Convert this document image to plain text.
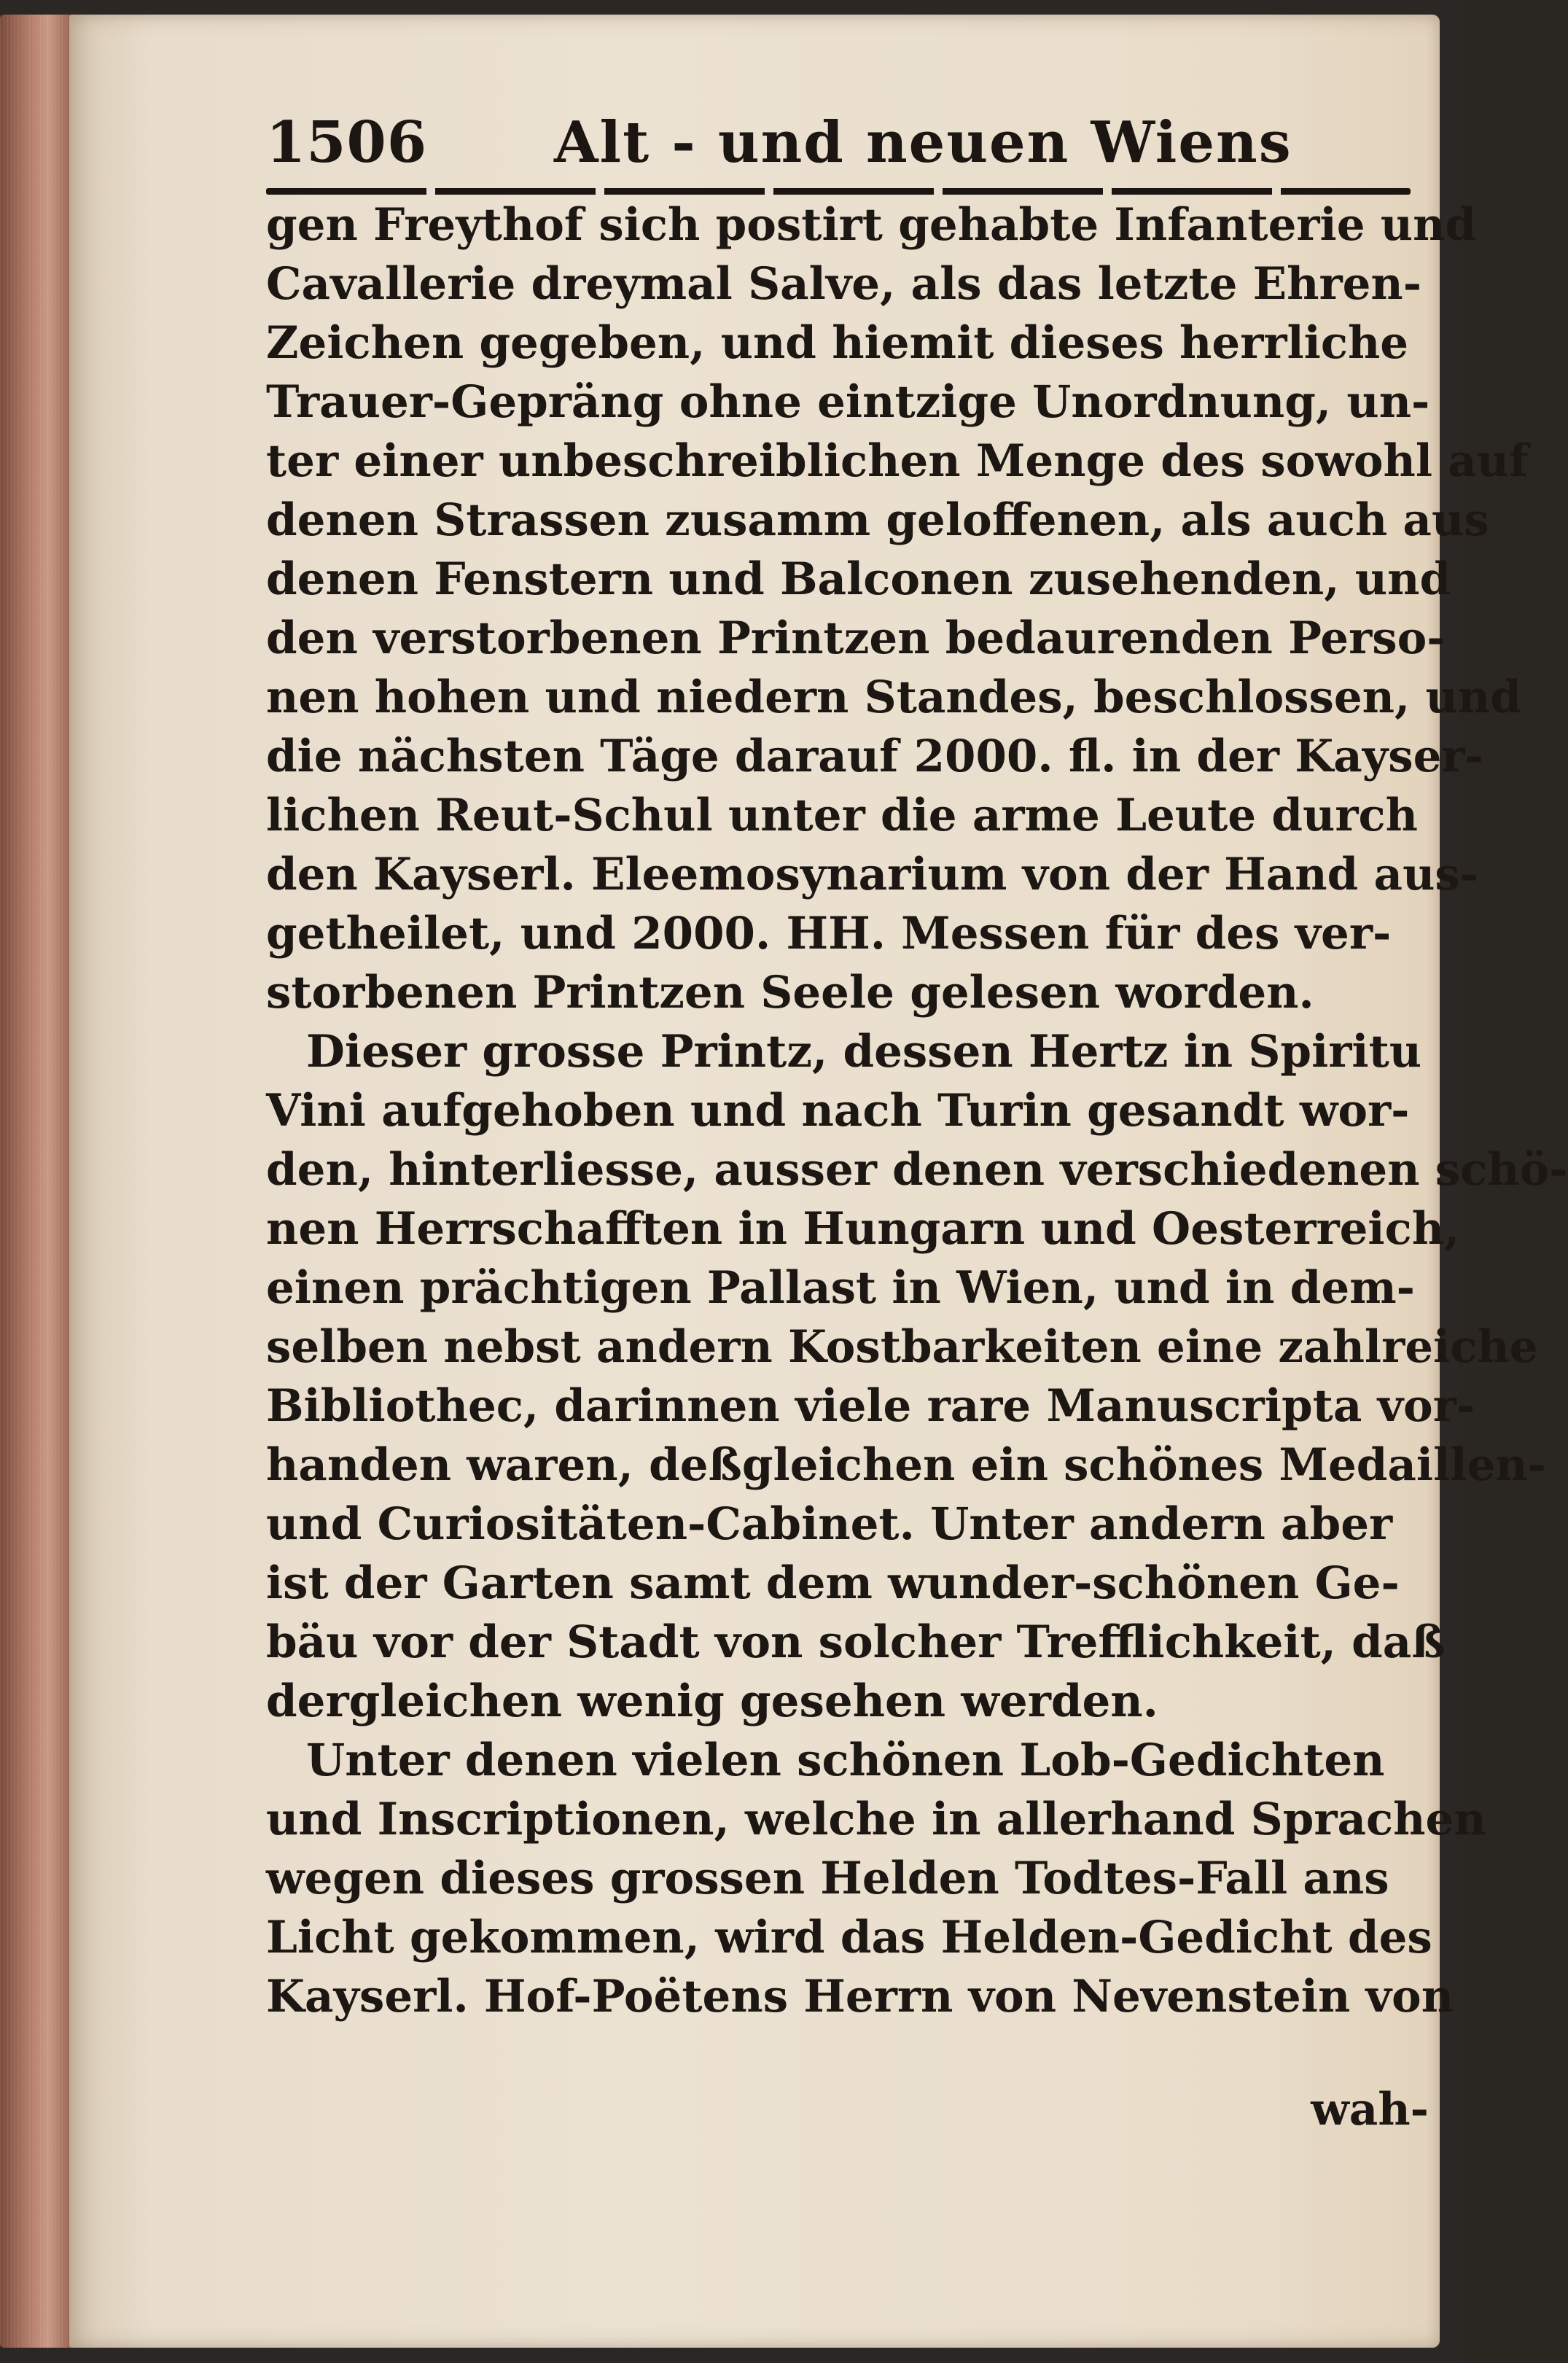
1506 Alt - und neuen Wiens
gen Freythof sich postirt gehabte Infanterie und
Cavallerie dreymal Salve, als das letzte Ehren-
Zeichen gegeben, und hiemit dieses herrliche
Trauer-Gepräng ohne eintzige Unordnung, un-
ter einer unbeschreiblichen Menge des sowohl auf
denen Strassen zusamm geloffenen, als auch aus
denen Fenstern und Balconen zusehenden, und
den verstorbenen Printzen bedaurenden Perso-
nen hohen und niedern Standes, beschlossen, und
die nächsten Täge darauf 2000. fl. in der Kayser-
lichen Reut-Schul unter die arme Leute durch
den Kayserl. Eleemosynarium von der Hand aus-
getheilet, und 2000. HH. Messen für des ver-
storbenen Printzen Seele gelesen worden.
Dieser grosse Printz, dessen Hertz in Spiritu
Vini aufgehoben und nach Turin gesandt wor-
den, hinterliesse, ausser denen verschiedenen schö-
nen Herrschafften in Hungarn und Oesterreich,
einen prächtigen Pallast in Wien, und in dem-
selben nebst andern Kostbarkeiten eine zahlreiche
Bibliothec, darinnen viele rare Manuscripta vor-
handen waren, deßgleichen ein schönes Medaillen-
und Curiositäten-Cabinet. Unter andern aber
ist der Garten samt dem wunder-schönen Ge-
bäu vor der Stadt von solcher Trefflichkeit, daß
dergleichen wenig gesehen werden.
Unter denen vielen schönen Lob-Gedichten
und Inscriptionen, welche in allerhand Sprachen
wegen dieses grossen Helden Todtes-Fall ans
Licht gekommen, wird das Helden-Gedicht des
Kayserl. Hof-Poëtens Herrn von Nevenstein von
wah-
